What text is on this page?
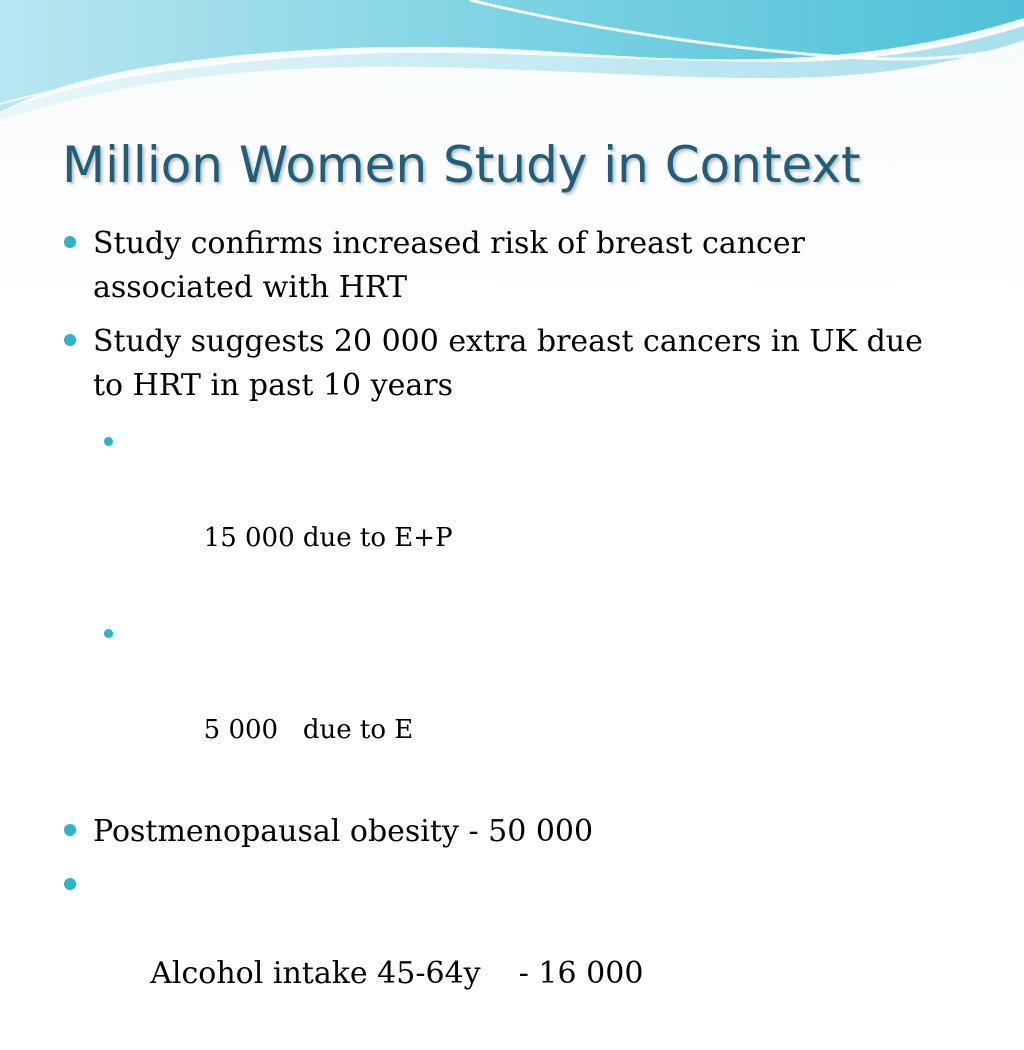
Million Women Study in Context
Study confirms increased risk of breast cancer associated with HRT
Study suggests 20 000 extra breast cancers in UK due to HRT in past 10 years

15 000 due to E+P

5 000   due to E

Postmenopausal obesity - 50 000

Alcohol intake 45-64y    - 16 000
